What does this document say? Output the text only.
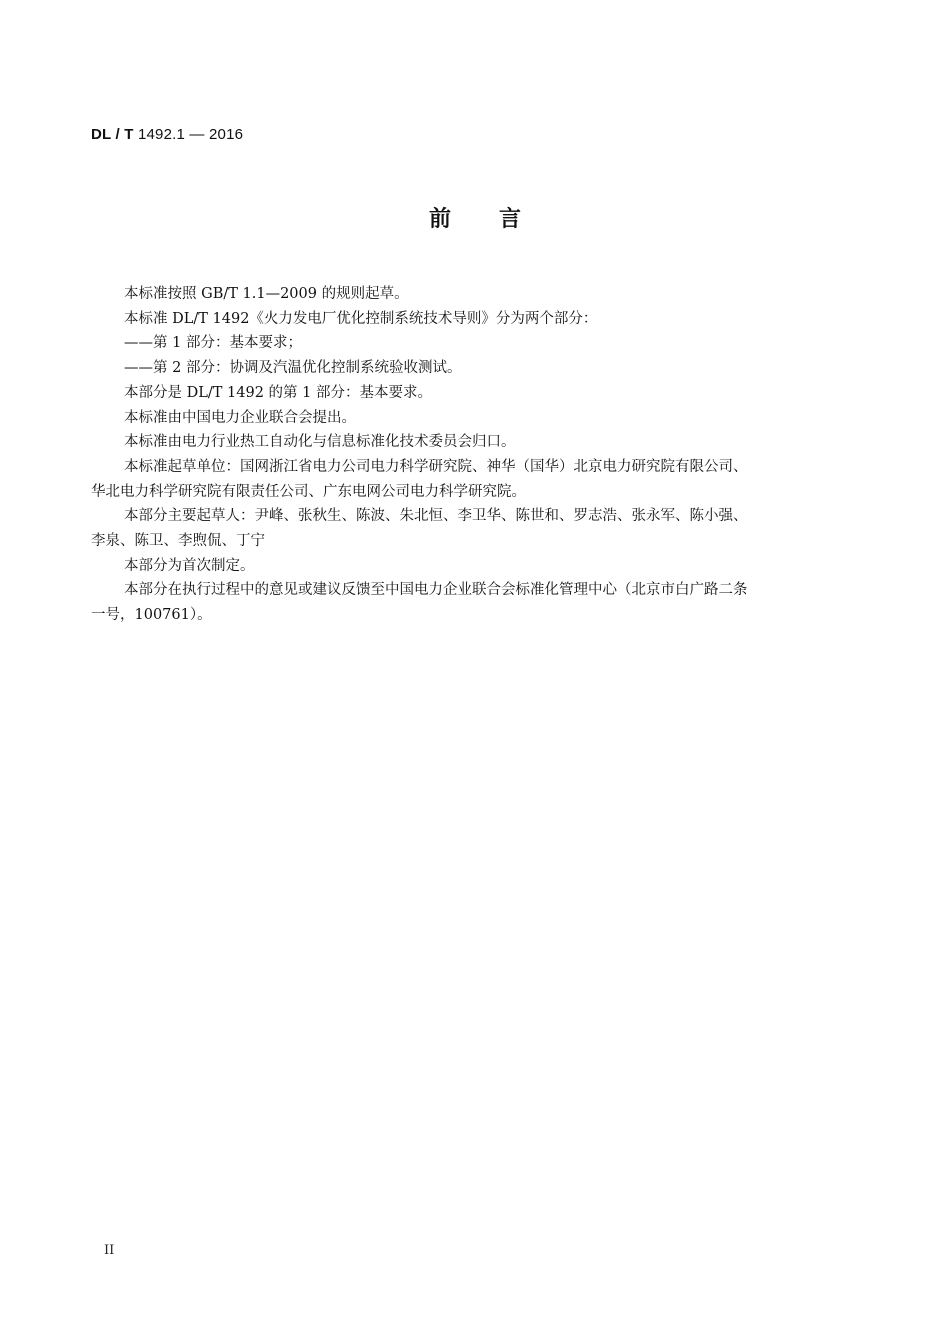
DL / T 1492.1 — 2016
前言

本标准按照 GB/T 1.1—2009 的规则起草。

本标准 DL/T 1492《火力发电厂优化控制系统技术导则》分为两个部分：

——第 1 部分：基本要求；

——第 2 部分：协调及汽温优化控制系统验收测试。

本部分是 DL/T 1492 的第 1 部分：基本要求。

本标准由中国电力企业联合会提出。

本标准由电力行业热工自动化与信息标准化技术委员会归口。

本标准起草单位：国网浙江省电力公司电力科学研究院、神华（国华）北京电力研究院有限公司、

华北电力科学研究院有限责任公司、广东电网公司电力科学研究院。

本部分主要起草人：尹峰、张秋生、陈波、朱北恒、李卫华、陈世和、罗志浩、张永军、陈小强、

李泉、陈卫、李煦侃、丁宁

本部分为首次制定。

本部分在执行过程中的意见或建议反馈至中国电力企业联合会标准化管理中心（北京市白广路二条

一号，100761）。

II
